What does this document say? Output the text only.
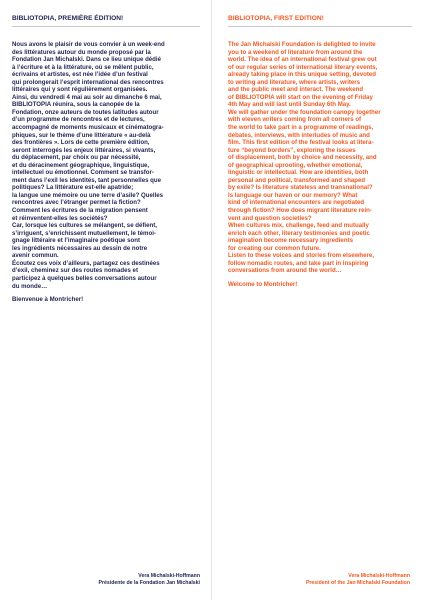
BIBLIOTOPIA, PREMIÈRE ÉDITION!

Nous avons le plaisir de vous convier à un week-end
des littératures autour du monde proposé par la
Fondation Jan Michalski. Dans ce lieu unique dédié
à l’écriture et à la littérature, où se mêlent public,
écrivains et artistes, est née l’idée d’un festival
qui prolongerait l’esprit international des rencontres
littéraires qui y sont régulièrement organisées.
Ainsi, du vendredi 4 mai au soir au dimanche 6 mai,
BIBLIOTOPIA réunira, sous la canopée de la
Fondation, onze auteurs de toutes latitudes autour
d’un programme de rencontres et de lectures,
accompagné de moments musicaux et cinématogra-
phiques, sur le thème d’une littérature « au-delà
des frontières ». Lors de cette première édition,
seront interrogés les enjeux littéraires, si vivants,
du déplacement, par choix ou par nécessité,
et du déracinement géographique, linguistique,
intellectuel ou émotionnel. Comment se transfor-
ment dans l’exil les identités, tant personnelles que
politiques? La littérature est-elle apatride;
la langue une mémoire ou une terre d’asile? Quelles
rencontres avec l’étranger permet la fiction?
Comment les écritures de la migration pensent
et réinventent-elles les sociétés?
Car, lorsque les cultures se mélangent, se défient,
s’irriguent, s’enrichissent mutuellement, le témoi-
gnage littéraire et l’imaginaire poétique sont
les ingrédients nécessaires au dessin de notre
avenir commun.
Écoutez ces voix d’ailleurs, partagez ces destinées
d’exil, cheminez sur des routes nomades et
participez à quelques belles conversations autour
du monde…

Bienvenue à Montricher!

Vera Michalski-Hoffmann
Présidente de la Fondation Jan Michalski
BIBLIOTOPIA, FIRST EDITION!

The Jan Michalski Foundation is delighted to invite
you to a weekend of literature from around the
world. The idea of an international festival grew out
of our regular series of international literary events,
already taking place in this unique setting, devoted
to writing and literature, where artists, writers
and the public meet and interact. The weekend
of BIBLIOTOPIA will start on the evening of Friday
4th May and will last until Sunday 6th May.
We will gather under the foundation canopy together
with eleven writers coming from all corners of
the world to take part in a programme of readings,
debates, interviews, with interludes of music and
film. This first edition of the festival looks at litera-
ture “beyond borders”, exploring the issues
of displacement, both by choice and necessity, and
of geographical uprooting, whether emotional,
linguistic or intellectual. How are identities, both
personal and political, transformed and shaped
by exile? Is literature stateless and transnational?
Is language our haven or our memory? What
kind of international encounters are negotiated
through fiction? How does migrant literature rein-
vent and question societies?
When cultures mix, challenge, feed and mutually
enrich each other, literary testimonies and poetic
imagination become necessary ingredients
for creating our common future.
Listen to these voices and stories from elsewhere,
follow nomadic routes, and take part in inspiring
conversations from around the world…

Welcome to Montricher!

Vera Michalski-Hoffmann
President of the Jan Michalski Foundation
